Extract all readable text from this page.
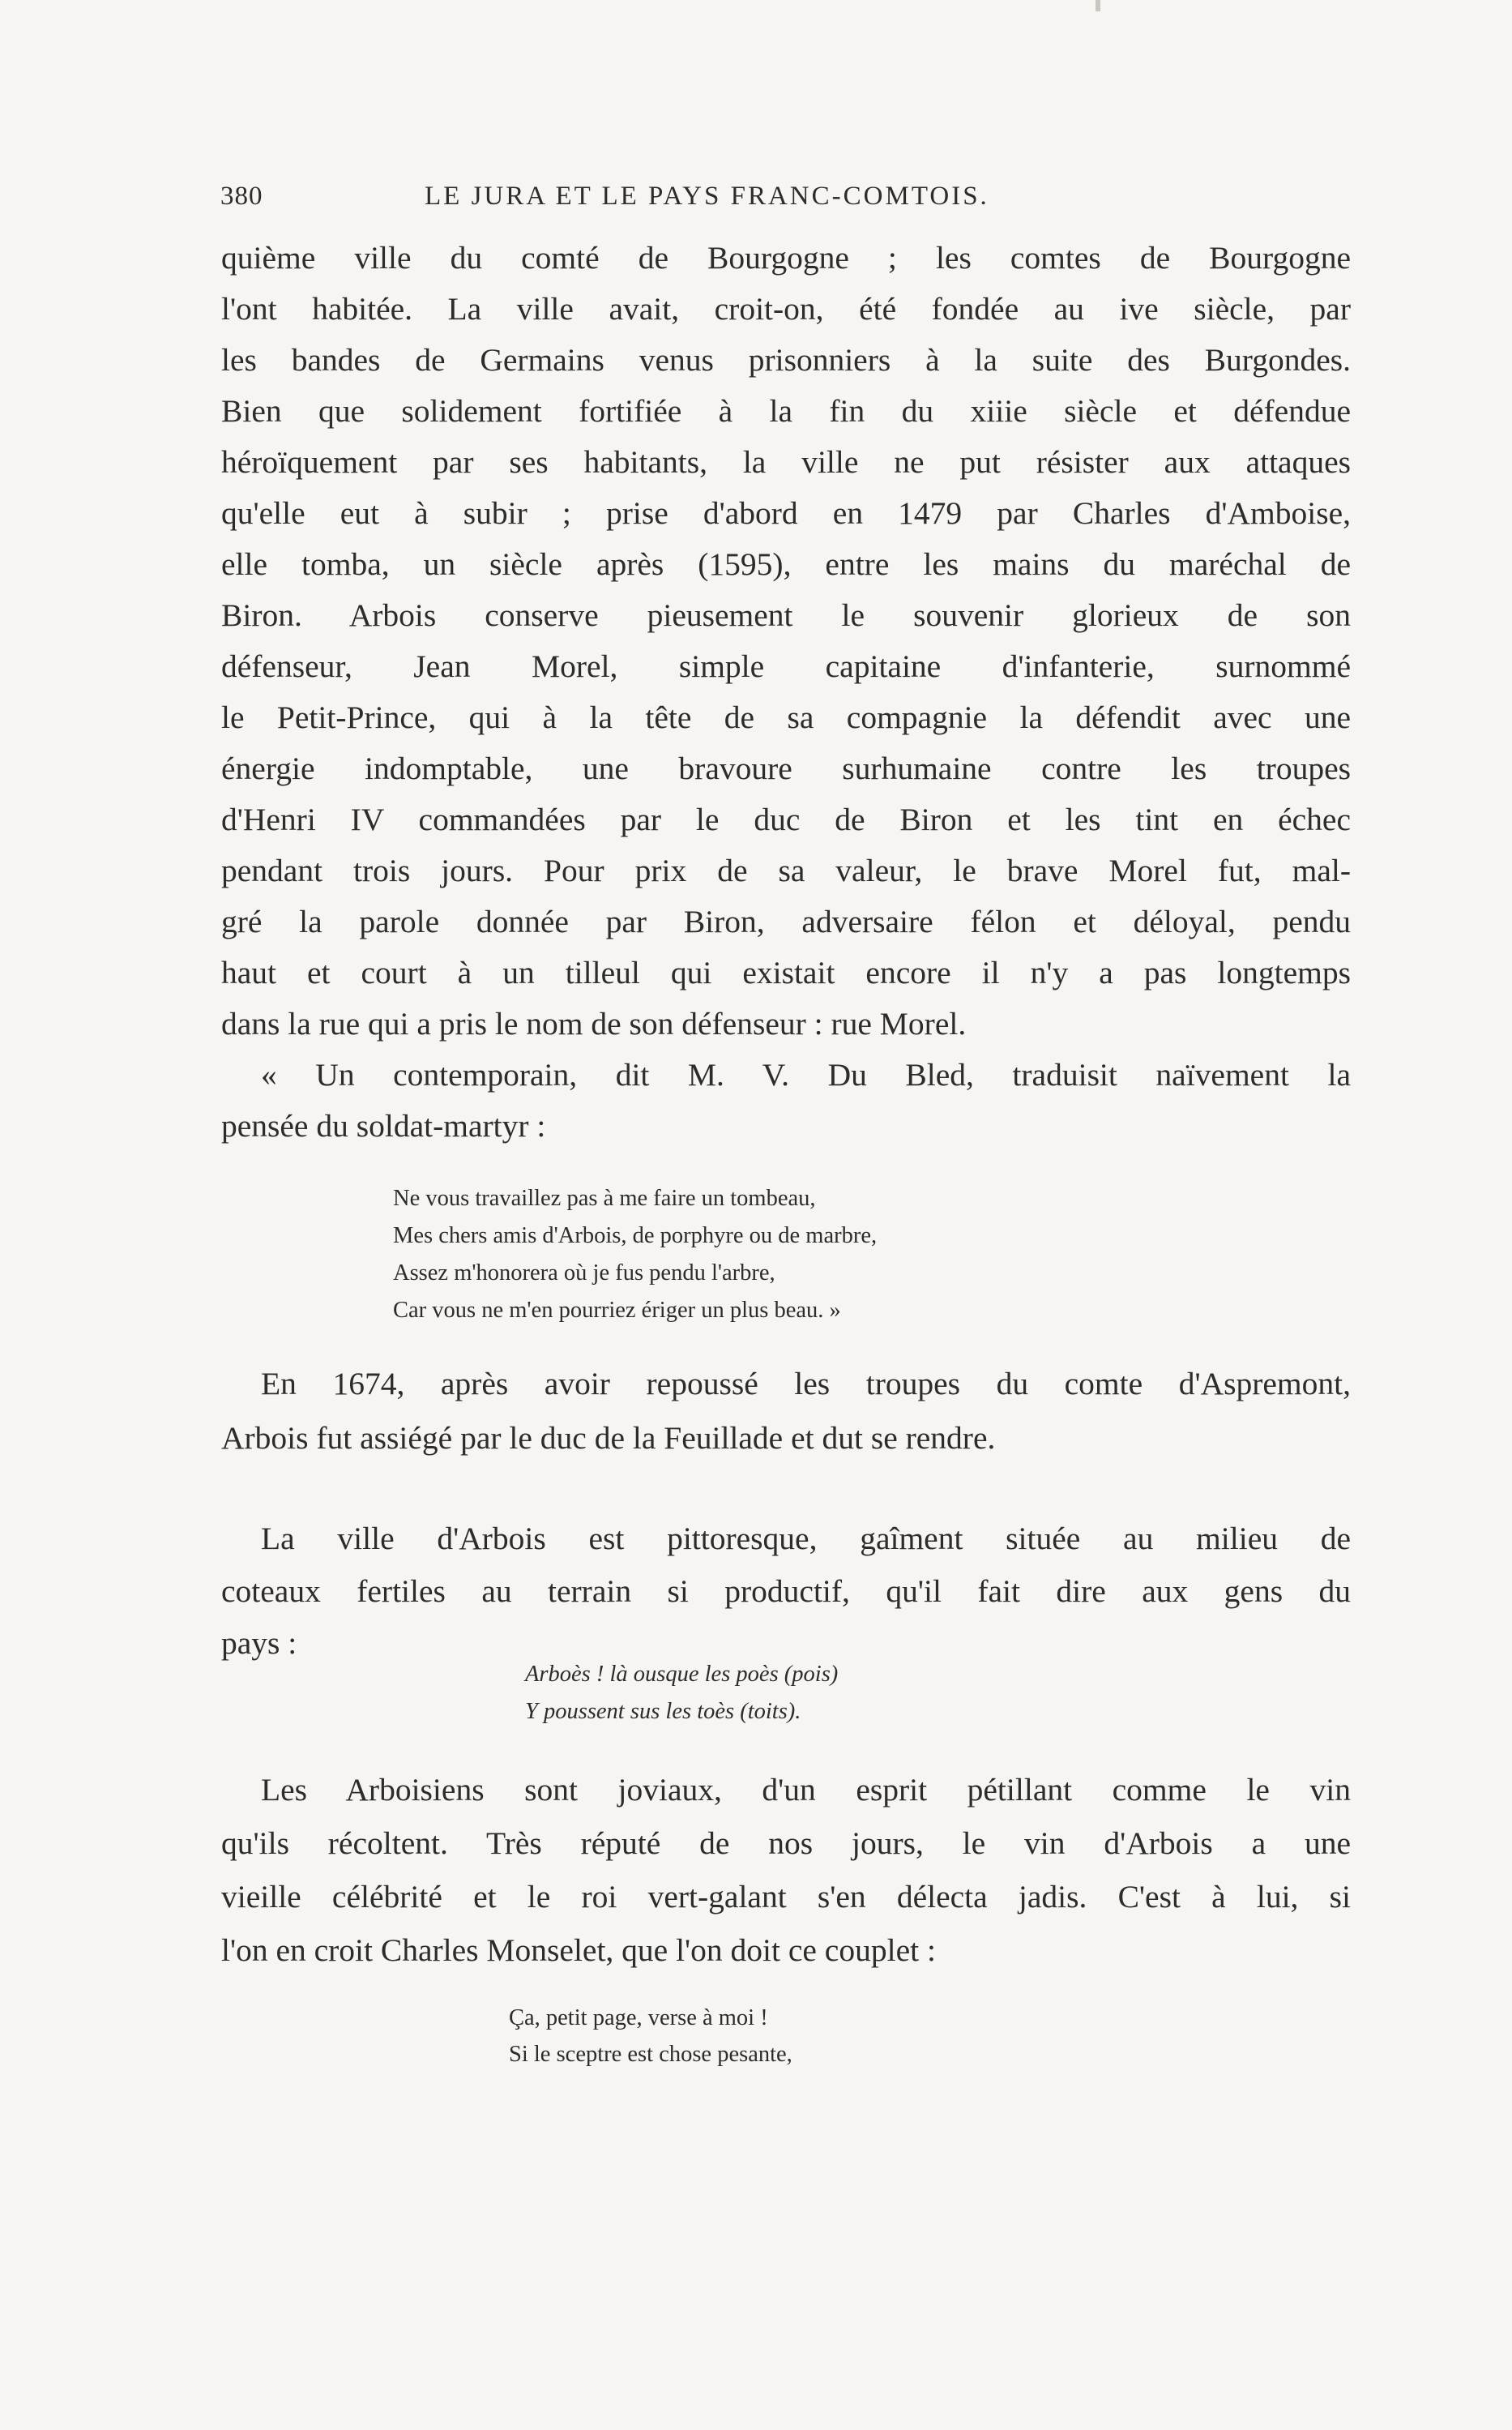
380	LE JURA ET LE PAYS FRANC-COMTOIS.
quième ville du comté de Bourgogne ; les comtes de Bourgogne
l'ont habitée. La ville avait, croit-on, été fondée au ive siècle, par
les bandes de Germains venus prisonniers à la suite des Burgondes.
Bien que solidement fortifiée à la fin du xiiie siècle et défendue
héroïquement par ses habitants, la ville ne put résister aux attaques
qu'elle eut à subir ; prise d'abord en 1479 par Charles d'Amboise,
elle tomba, un siècle après (1595), entre les mains du maréchal de
Biron. Arbois conserve pieusement le souvenir glorieux de son
défenseur, Jean Morel, simple capitaine d'infanterie, surnommé
le Petit-Prince, qui à la tête de sa compagnie la défendit avec une
énergie indomptable, une bravoure surhumaine contre les troupes
d'Henri IV commandées par le duc de Biron et les tint en échec
pendant trois jours. Pour prix de sa valeur, le brave Morel fut, mal-
gré la parole donnée par Biron, adversaire félon et déloyal, pendu
haut et court à un tilleul qui existait encore il n'y a pas longtemps
dans la rue qui a pris le nom de son défenseur : rue Morel.
« Un contemporain, dit M. V. Du Bled, traduisit naïvement la
pensée du soldat-martyr :
Ne vous travaillez pas à me faire un tombeau,
Mes chers amis d'Arbois, de porphyre ou de marbre,
Assez m'honorera où je fus pendu l'arbre,
Car vous ne m'en pourriez ériger un plus beau. »
En 1674, après avoir repoussé les troupes du comte d'Aspremont,
Arbois fut assiégé par le duc de la Feuillade et dut se rendre.
La ville d'Arbois est pittoresque, gaîment située au milieu de
coteaux fertiles au terrain si productif, qu'il fait dire aux gens du
pays :
Arboès ! là ousque les poès (pois)
Y poussent sus les toès (toits).
Les Arboisiens sont joviaux, d'un esprit pétillant comme le vin
qu'ils récoltent. Très réputé de nos jours, le vin d'Arbois a une
vieille célébrité et le roi vert-galant s'en délecta jadis. C'est à lui, si
l'on en croit Charles Monselet, que l'on doit ce couplet :
Ça, petit page, verse à moi !
Si le sceptre est chose pesante,
